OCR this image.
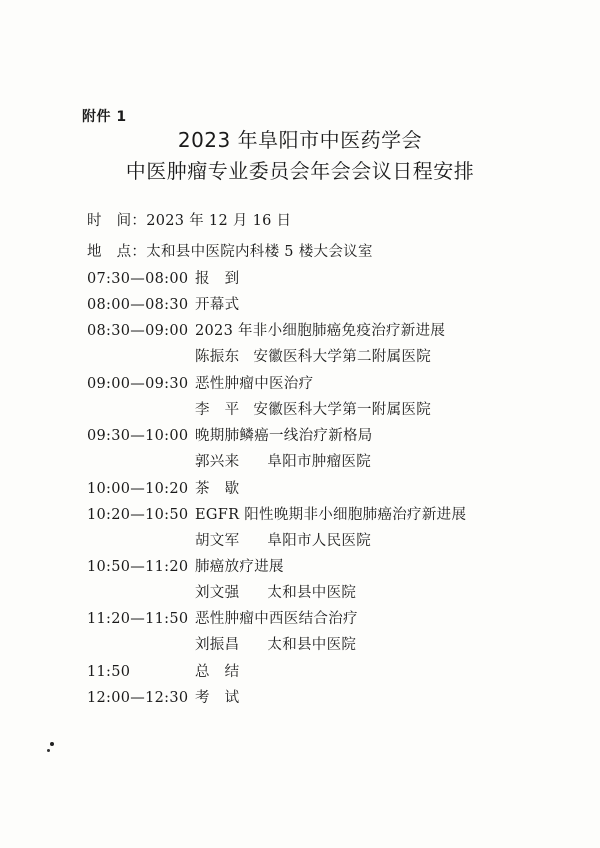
附件 1
2023 年阜阳市中医药学会
中医肿瘤专业委员会年会会议日程安排
时　间：2023 年 12 月 16 日
地　点：太和县中医院内科楼 5 楼大会议室
07:30—08:00 报　到
08:00—08:30 开幕式
08:30—09:00 2023 年非小细胞肺癌免疫治疗新进展
陈振东 安徽医科大学第二附属医院
09:00—09:30 恶性肿瘤中医治疗
李　平 安徽医科大学第一附属医院
09:30—10:00 晚期肺鳞癌一线治疗新格局
郭兴来 阜阳市肿瘤医院
10:00—10:20 茶　歇
10:20—10:50 EGFR 阳性晚期非小细胞肺癌治疗新进展
胡文军 阜阳市人民医院
10:50—11:20 肺癌放疗进展
刘文强 太和县中医院
11:20—11:50 恶性肿瘤中西医结合治疗
刘振昌 太和县中医院
11:50	总　结
12:00—12:30 考　试
